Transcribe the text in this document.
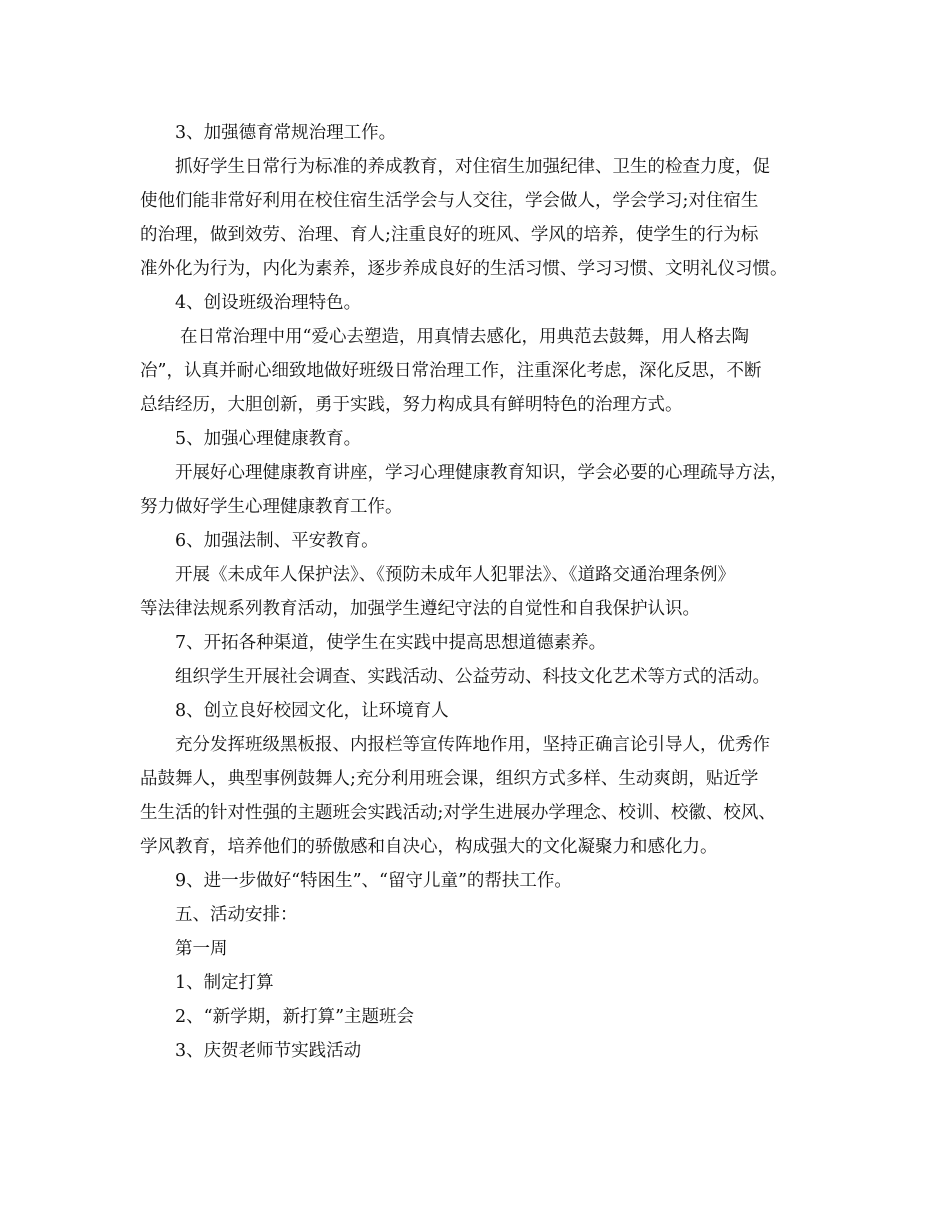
3、加强德育常规治理工作。
抓好学生日常行为标准的养成教育，对住宿生加强纪律、卫生的检查力度，促
使他们能非常好利用在校住宿生活学会与人交往，学会做人，学会学习;对住宿生
的治理，做到效劳、治理、育人;注重良好的班风、学风的培养，使学生的行为标
准外化为行为，内化为素养，逐步养成良好的生活习惯、学习习惯、文明礼仪习惯。
4、创设班级治理特色。
在日常治理中用“爱心去塑造，用真情去感化，用典范去鼓舞，用人格去陶
冶”，认真并耐心细致地做好班级日常治理工作，注重深化考虑，深化反思，不断
总结经历，大胆创新，勇于实践，努力构成具有鲜明特色的治理方式。
5、加强心理健康教育。
开展好心理健康教育讲座，学习心理健康教育知识，学会必要的心理疏导方法，
努力做好学生心理健康教育工作。
6、加强法制、平安教育。
开展《未成年人保护法》、《预防未成年人犯罪法》、《道路交通治理条例》
等法律法规系列教育活动，加强学生遵纪守法的自觉性和自我保护认识。
7、开拓各种渠道，使学生在实践中提高思想道德素养。
组织学生开展社会调查、实践活动、公益劳动、科技文化艺术等方式的活动。
8、创立良好校园文化，让环境育人
充分发挥班级黑板报、内报栏等宣传阵地作用，坚持正确言论引导人，优秀作
品鼓舞人，典型事例鼓舞人;充分利用班会课，组织方式多样、生动爽朗，贴近学
生生活的针对性强的主题班会实践活动;对学生进展办学理念、校训、校徽、校风、
学风教育，培养他们的骄傲感和自决心，构成强大的文化凝聚力和感化力。
9、进一步做好“特困生”、“留守儿童”的帮扶工作。
五、活动安排：
第一周
1、制定打算
2、“新学期，新打算”主题班会
3、庆贺老师节实践活动
